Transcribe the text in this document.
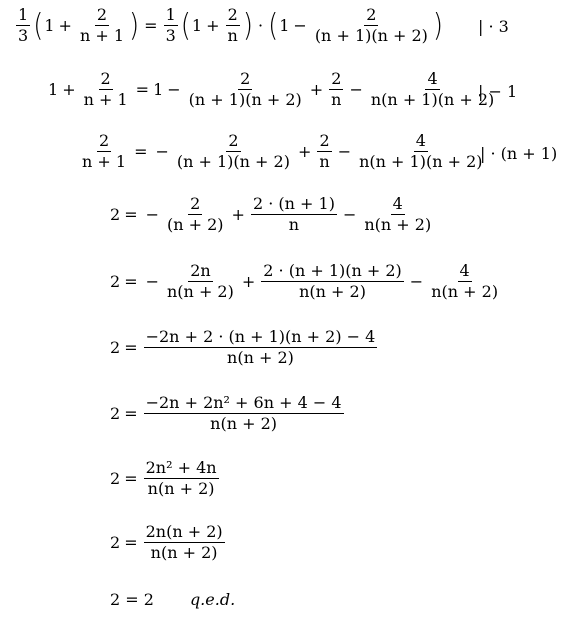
$\frac{1}{3}$ ( $1 + \frac{2}{n + 1}$ ) = $\frac{1}{3}$ ( $1 + \frac{2}{n}$ ) · ( $1 - \frac{2}{(n + 1)(n + 2)}$ ) | · 3
$1 + \frac{2}{n + 1} = 1 - \frac{2}{(n + 1)(n + 2)} + \frac{2}{n} - \frac{4}{n(n + 1)(n + 2)}$
| − 1
$\frac{2}{n + 1}$ = − $\frac{2}{(n + 1)(n + 2)} + \frac{2}{n} - \frac{4}{n(n + 1)(n + 2)}$
| · (n + 1)
2 = − $\frac{2}{(n + 2)} + \frac{2 \cdot (n + 1)}{n} - \frac{4}{n(n + 2)}$
2 = − $\frac{2n}{n(n + 2)} + \frac{2 \cdot (n + 1)(n + 2)}{n(n + 2)} - \frac{4}{n(n + 2)}$
$2 = \frac{-2n + 2 \cdot (n + 1)(n + 2) - 4}{n(n + 2)}$
$2 = \frac{\text{−2n + 2n² + 6n + 4 − 4}}{n(n + 2)}$
$2 = \frac{\text{2n² + 4n}}{n(n + 2)}$
$2 = \frac{2n(n + 2)}{n(n + 2)}$
2 = 2 q.e.d.
